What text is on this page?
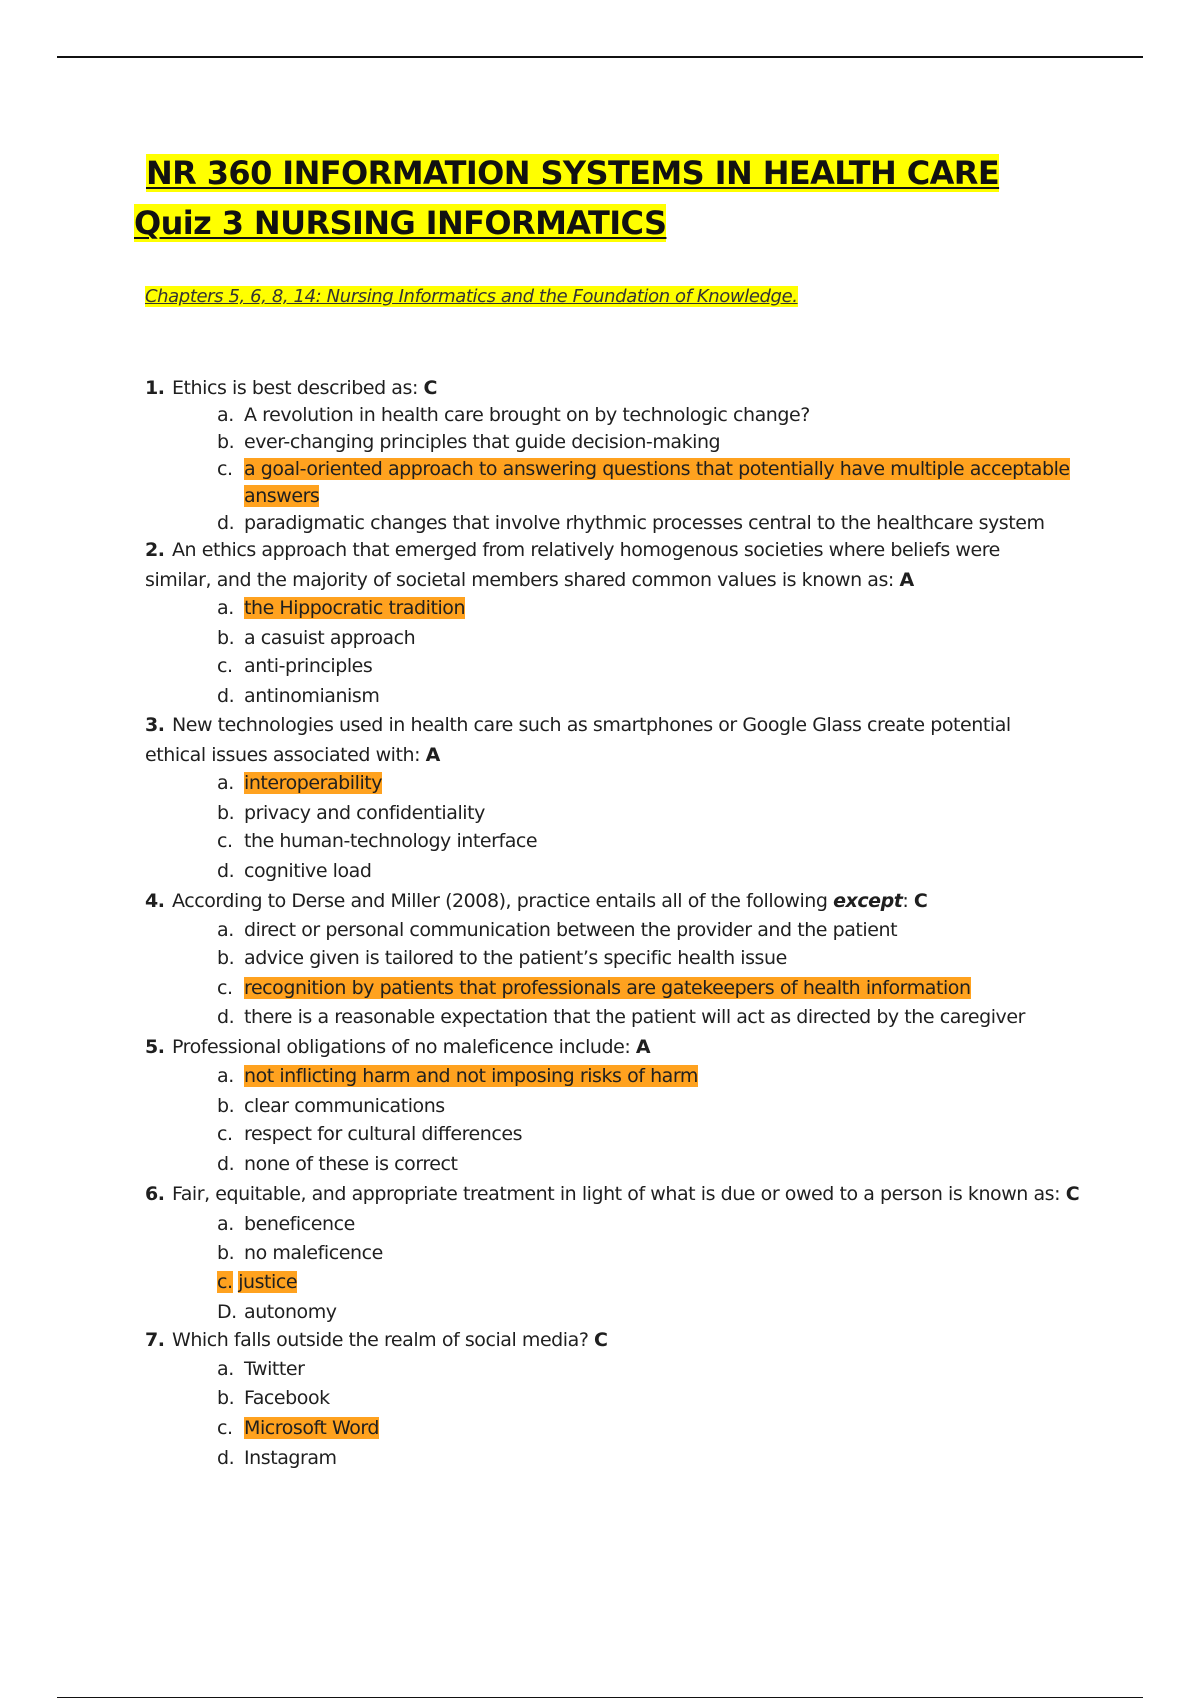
NR 360 INFORMATION SYSTEMS IN HEALTH CARE
Quiz 3 NURSING INFORMATICS

Chapters 5, 6, 8, 14: Nursing Informatics and the Foundation of Knowledge.

1. Ethics is best described as: C

a. A revolution in health care brought on by technologic change?

b. ever-changing principles that guide decision-making

c. a goal-oriented approach to answering questions that potentially have multiple acceptable

answers

d. paradigmatic changes that involve rhythmic processes central to the healthcare system

2. An ethics approach that emerged from relatively homogenous societies where beliefs were

similar, and the majority of societal members shared common values is known as: A

a. the Hippocratic tradition

b. a casuist approach

c. anti-principles

d. antinomianism

3. New technologies used in health care such as smartphones or Google Glass create potential

ethical issues associated with: A

a. interoperability

b. privacy and confidentiality

c. the human-technology interface

d. cognitive load

4. According to Derse and Miller (2008), practice entails all of the following except: C

a. direct or personal communication between the provider and the patient

b. advice given is tailored to the patient’s specific health issue

c. recognition by patients that professionals are gatekeepers of health information

d. there is a reasonable expectation that the patient will act as directed by the caregiver

5. Professional obligations of no maleficence include: A

a. not inflicting harm and not imposing risks of harm

b. clear communications

c. respect for cultural differences

d. none of these is correct

6. Fair, equitable, and appropriate treatment in light of what is due or owed to a person is known as: C

a. beneficence

b. no maleficence

c. justice

D. autonomy

7. Which falls outside the realm of social media? C

a. Twitter

b. Facebook

c. Microsoft Word

d. Instagram
